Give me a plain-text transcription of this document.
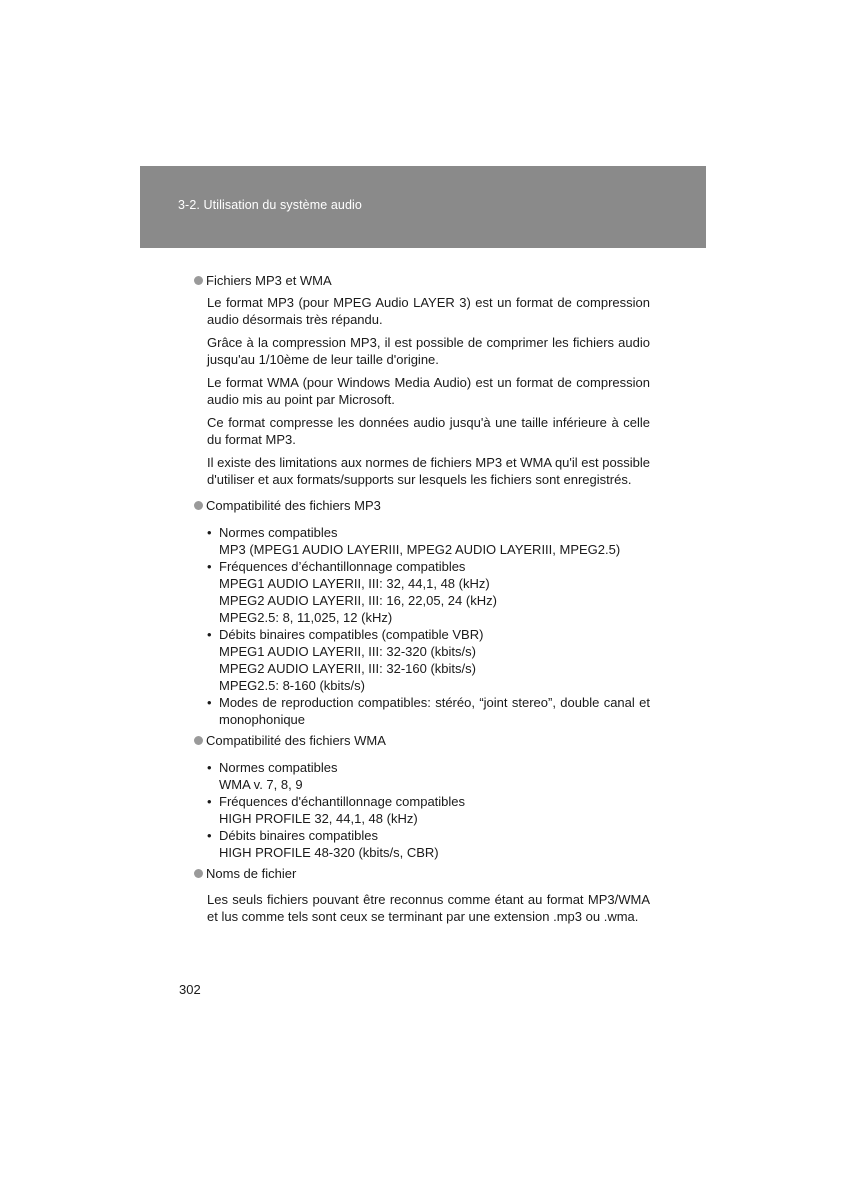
3-2. Utilisation du système audio
Fichiers MP3 et WMA

Le format MP3 (pour MPEG Audio LAYER 3) est un format de compression audio désormais très répandu.

Grâce à la compression MP3, il est possible de comprimer les fichiers audio jusqu'au 1/10ème de leur taille d'origine.

Le format WMA (pour Windows Media Audio) est un format de compression audio mis au point par Microsoft.

Ce format compresse les données audio jusqu'à une taille inférieure à celle du format MP3.

Il existe des limitations aux normes de fichiers MP3 et WMA qu'il est possible d'utiliser et aux formats/supports sur lesquels les fichiers sont enregistrés.

Compatibilité des fichiers MP3
• Normes compatibles
MP3 (MPEG1 AUDIO LAYERIII, MPEG2 AUDIO LAYERIII, MPEG2.5)
• Fréquences d’échantillonnage compatibles
MPEG1 AUDIO LAYERII, III: 32, 44,1, 48 (kHz)
MPEG2 AUDIO LAYERII, III: 16, 22,05, 24 (kHz)
MPEG2.5: 8, 11,025, 12 (kHz)
• Débits binaires compatibles (compatible VBR)
MPEG1 AUDIO LAYERII, III: 32-320 (kbits/s)
MPEG2 AUDIO LAYERII, III: 32-160 (kbits/s)
MPEG2.5: 8-160 (kbits/s)
• Modes de reproduction compatibles: stéréo, “joint stereo”, double canal et monophonique
Compatibilité des fichiers WMA
• Normes compatibles
WMA v. 7, 8, 9
• Fréquences d'échantillonnage compatibles
HIGH PROFILE 32, 44,1, 48 (kHz)
• Débits binaires compatibles
HIGH PROFILE 48-320 (kbits/s, CBR)
Noms de fichier

Les seuls fichiers pouvant être reconnus comme étant au format MP3/WMA et lus comme tels sont ceux se terminant par une extension .mp3 ou .wma.

302
